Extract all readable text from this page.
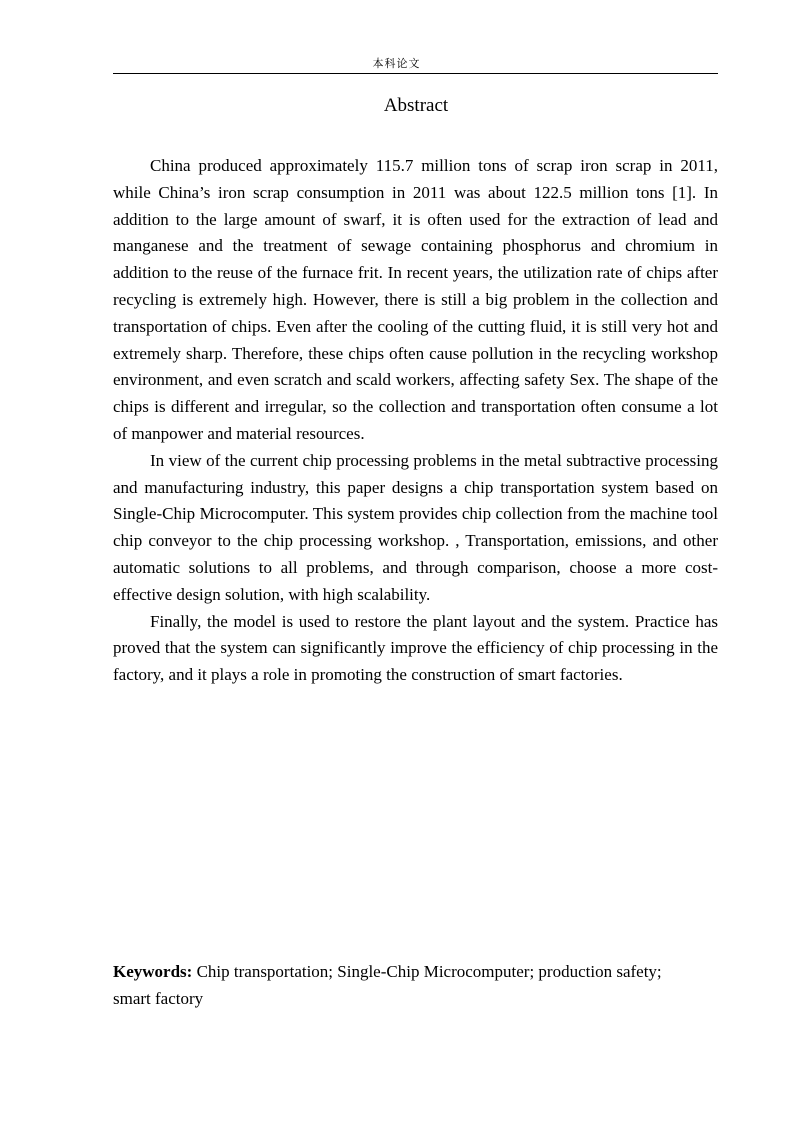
本科论文
Abstract

China produced approximately 115.7 million tons of scrap iron scrap in 2011, while China’s iron scrap consumption in 2011 was about 122.5 million tons [1]. In addition to the large amount of swarf, it is often used for the extraction of lead and manganese and the treatment of sewage containing phosphorus and chromium in addition to the reuse of the furnace frit. In recent years, the utilization rate of chips after recycling is extremely high. However, there is still a big problem in the collection and transportation of chips. Even after the cooling of the cutting fluid, it is still very hot and extremely sharp. Therefore, these chips often cause pollution in the recycling workshop environment, and even scratch and scald workers, affecting safety Sex. The shape of the chips is different and irregular, so the collection and transportation often consume a lot of manpower and material resources.

In view of the current chip processing problems in the metal subtractive processing and manufacturing industry, this paper designs a chip transportation system based on Single-Chip Microcomputer. This system provides chip collection from the machine tool chip conveyor to the chip processing workshop. , Transportation, emissions, and other automatic solutions to all problems, and through comparison, choose a more cost-effective design solution, with high scalability.

Finally, the model is used to restore the plant layout and the system. Practice has proved that the system can significantly improve the efficiency of chip processing in the factory, and it plays a role in promoting the construction of smart factories.

Keywords: Chip transportation; Single-Chip Microcomputer; production safety; smart factory
